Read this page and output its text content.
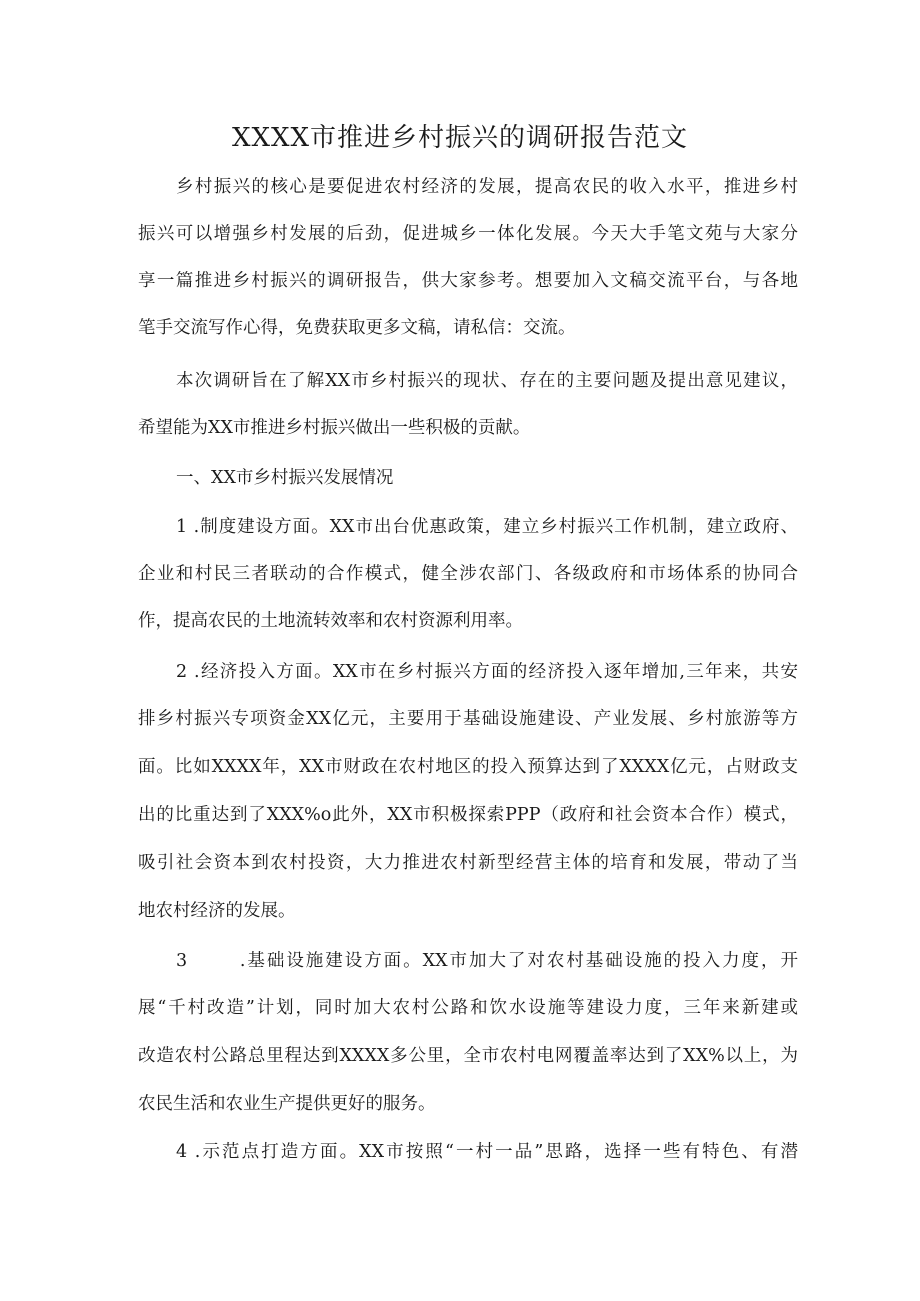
XXXX市推进乡村振兴的调研报告范文
乡村振兴的核心是要促进农村经济的发展，提高农民的收入水平，推进乡村
振兴可以增强乡村发展的后劲，促进城乡一体化发展。今天大手笔文苑与大家分
享一篇推进乡村振兴的调研报告，供大家参考。想要加入文稿交流平台，与各地
笔手交流写作心得，免费获取更多文稿，请私信：交流。
本次调研旨在了解XX市乡村振兴的现状、存在的主要问题及提出意见建议，
希望能为XX市推进乡村振兴做出一些积极的贡献。
一、XX市乡村振兴发展情况
1 .制度建设方面。XX市出台优惠政策，建立乡村振兴工作机制，建立政府、
企业和村民三者联动的合作模式，健全涉农部门、各级政府和市场体系的协同合
作，提高农民的土地流转效率和农村资源利用率。
2 .经济投入方面。XX市在乡村振兴方面的经济投入逐年增加,三年来，共安
排乡村振兴专项资金XX亿元，主要用于基础设施建设、产业发展、乡村旅游等方
面。比如XXXX年，XX市财政在农村地区的投入预算达到了XXXX亿元，占财政支
出的比重达到了XXX%o此外，XX市积极探索PPP（政府和社会资本合作）模式，
吸引社会资本到农村投资，大力推进农村新型经营主体的培育和发展，带动了当
地农村经济的发展。
3       .基础设施建设方面。XX市加大了对农村基础设施的投入力度，开
展“千村改造”计划，同时加大农村公路和饮水设施等建设力度，三年来新建或
改造农村公路总里程达到XXXX多公里，全市农村电网覆盖率达到了XX%以上，为
农民生活和农业生产提供更好的服务。
4 .示范点打造方面。XX市按照“一村一品”思路，选择一些有特色、有潜
